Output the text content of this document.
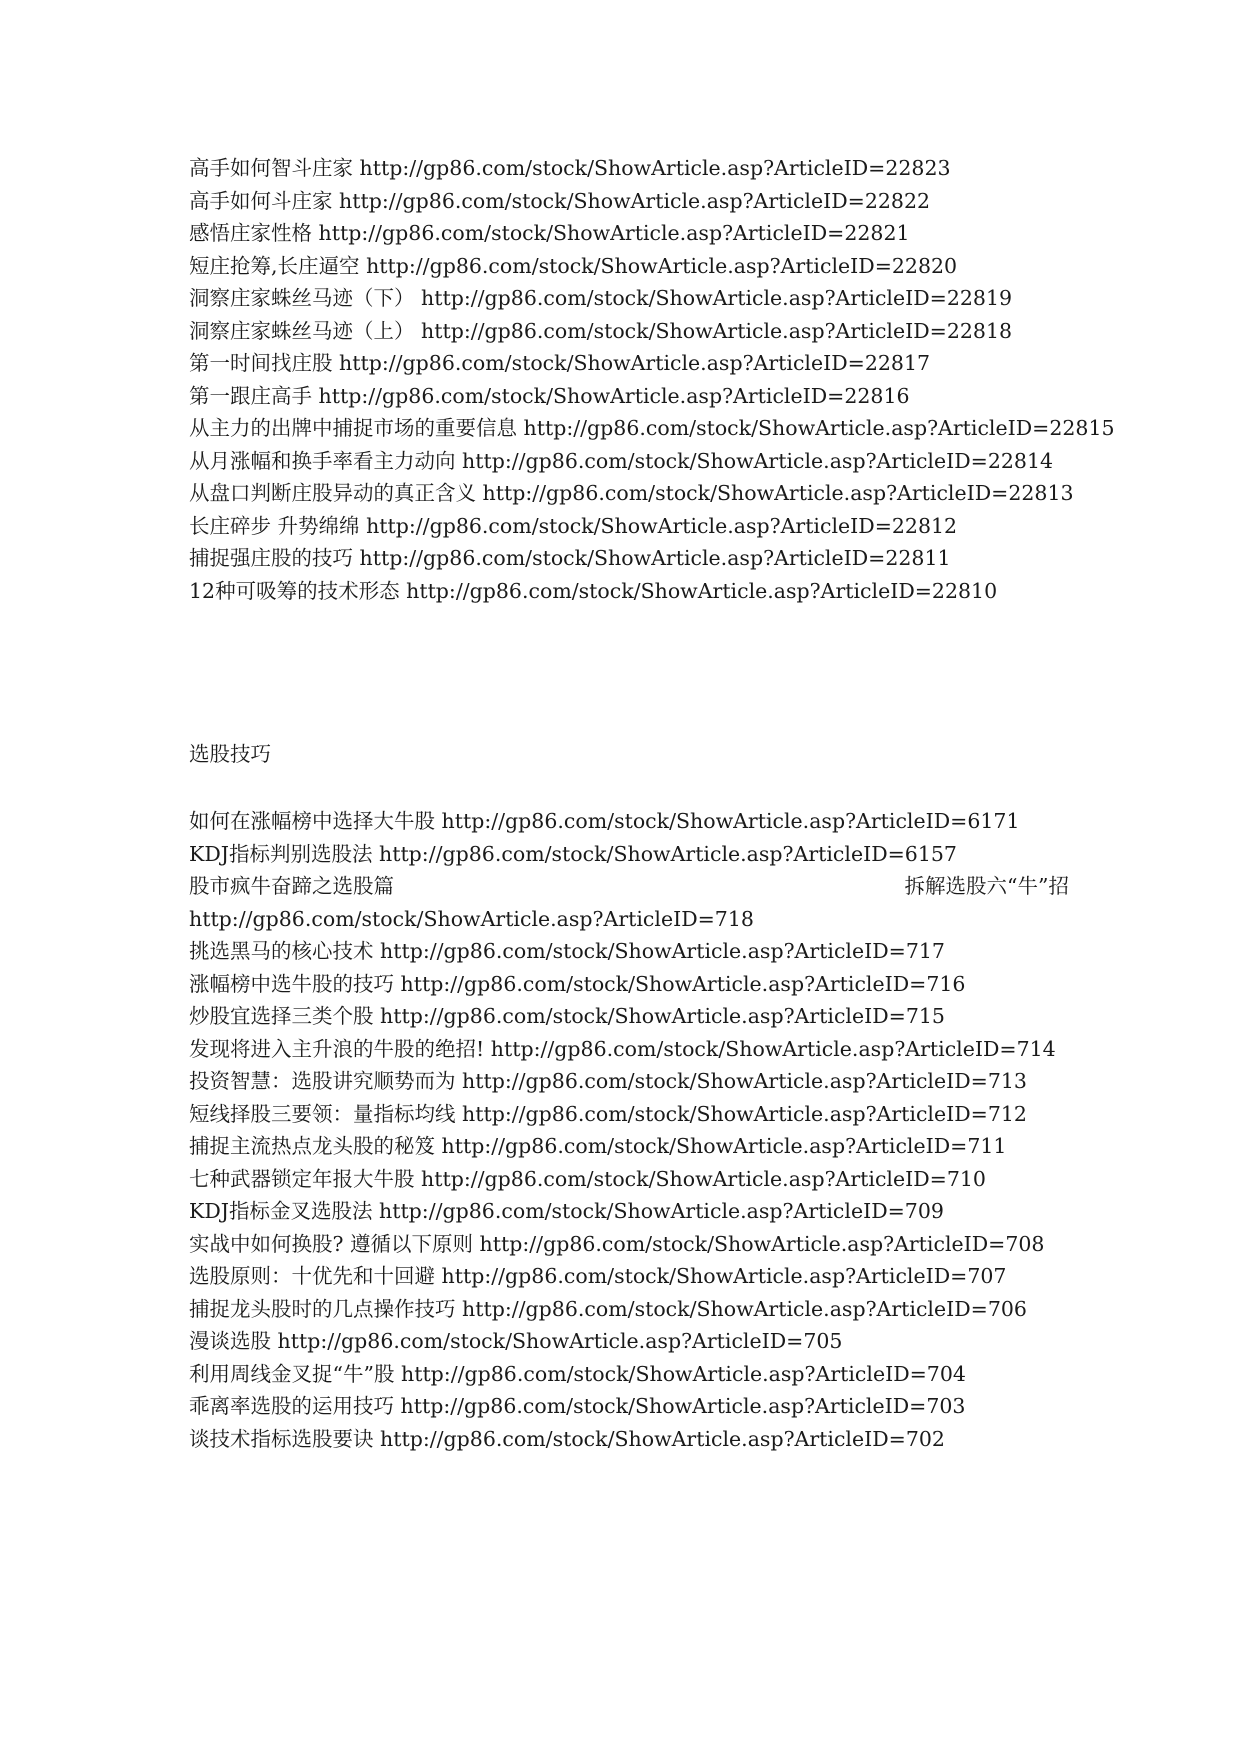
高手如何智斗庄家 http://gp86.com/stock/ShowArticle.asp?ArticleID=22823
高手如何斗庄家 http://gp86.com/stock/ShowArticle.asp?ArticleID=22822
感悟庄家性格 http://gp86.com/stock/ShowArticle.asp?ArticleID=22821
短庄抢筹,长庄逼空 http://gp86.com/stock/ShowArticle.asp?ArticleID=22820
洞察庄家蛛丝马迹（下） http://gp86.com/stock/ShowArticle.asp?ArticleID=22819
洞察庄家蛛丝马迹（上） http://gp86.com/stock/ShowArticle.asp?ArticleID=22818
第一时间找庄股 http://gp86.com/stock/ShowArticle.asp?ArticleID=22817
第一跟庄高手 http://gp86.com/stock/ShowArticle.asp?ArticleID=22816
从主力的出牌中捕捉市场的重要信息 http://gp86.com/stock/ShowArticle.asp?ArticleID=22815
从月涨幅和换手率看主力动向 http://gp86.com/stock/ShowArticle.asp?ArticleID=22814
从盘口判断庄股异动的真正含义 http://gp86.com/stock/ShowArticle.asp?ArticleID=22813
长庄碎步 升势绵绵 http://gp86.com/stock/ShowArticle.asp?ArticleID=22812
捕捉强庄股的技巧 http://gp86.com/stock/ShowArticle.asp?ArticleID=22811
12种可吸筹的技术形态 http://gp86.com/stock/ShowArticle.asp?ArticleID=22810
选股技巧
如何在涨幅榜中选择大牛股 http://gp86.com/stock/ShowArticle.asp?ArticleID=6171
KDJ指标判别选股法 http://gp86.com/stock/ShowArticle.asp?ArticleID=6157
股市疯牛奋蹄之选股篇	拆解选股六“牛”招
http://gp86.com/stock/ShowArticle.asp?ArticleID=718
挑选黑马的核心技术 http://gp86.com/stock/ShowArticle.asp?ArticleID=717
涨幅榜中选牛股的技巧 http://gp86.com/stock/ShowArticle.asp?ArticleID=716
炒股宜选择三类个股 http://gp86.com/stock/ShowArticle.asp?ArticleID=715
发现将进入主升浪的牛股的绝招! http://gp86.com/stock/ShowArticle.asp?ArticleID=714
投资智慧：选股讲究顺势而为 http://gp86.com/stock/ShowArticle.asp?ArticleID=713
短线择股三要领：量指标均线 http://gp86.com/stock/ShowArticle.asp?ArticleID=712
捕捉主流热点龙头股的秘笈 http://gp86.com/stock/ShowArticle.asp?ArticleID=711
七种武器锁定年报大牛股 http://gp86.com/stock/ShowArticle.asp?ArticleID=710
KDJ指标金叉选股法 http://gp86.com/stock/ShowArticle.asp?ArticleID=709
实战中如何换股? 遵循以下原则 http://gp86.com/stock/ShowArticle.asp?ArticleID=708
选股原则：十优先和十回避 http://gp86.com/stock/ShowArticle.asp?ArticleID=707
捕捉龙头股时的几点操作技巧 http://gp86.com/stock/ShowArticle.asp?ArticleID=706
漫谈选股 http://gp86.com/stock/ShowArticle.asp?ArticleID=705
利用周线金叉捉“牛”股 http://gp86.com/stock/ShowArticle.asp?ArticleID=704
乖离率选股的运用技巧 http://gp86.com/stock/ShowArticle.asp?ArticleID=703
谈技术指标选股要诀 http://gp86.com/stock/ShowArticle.asp?ArticleID=702
